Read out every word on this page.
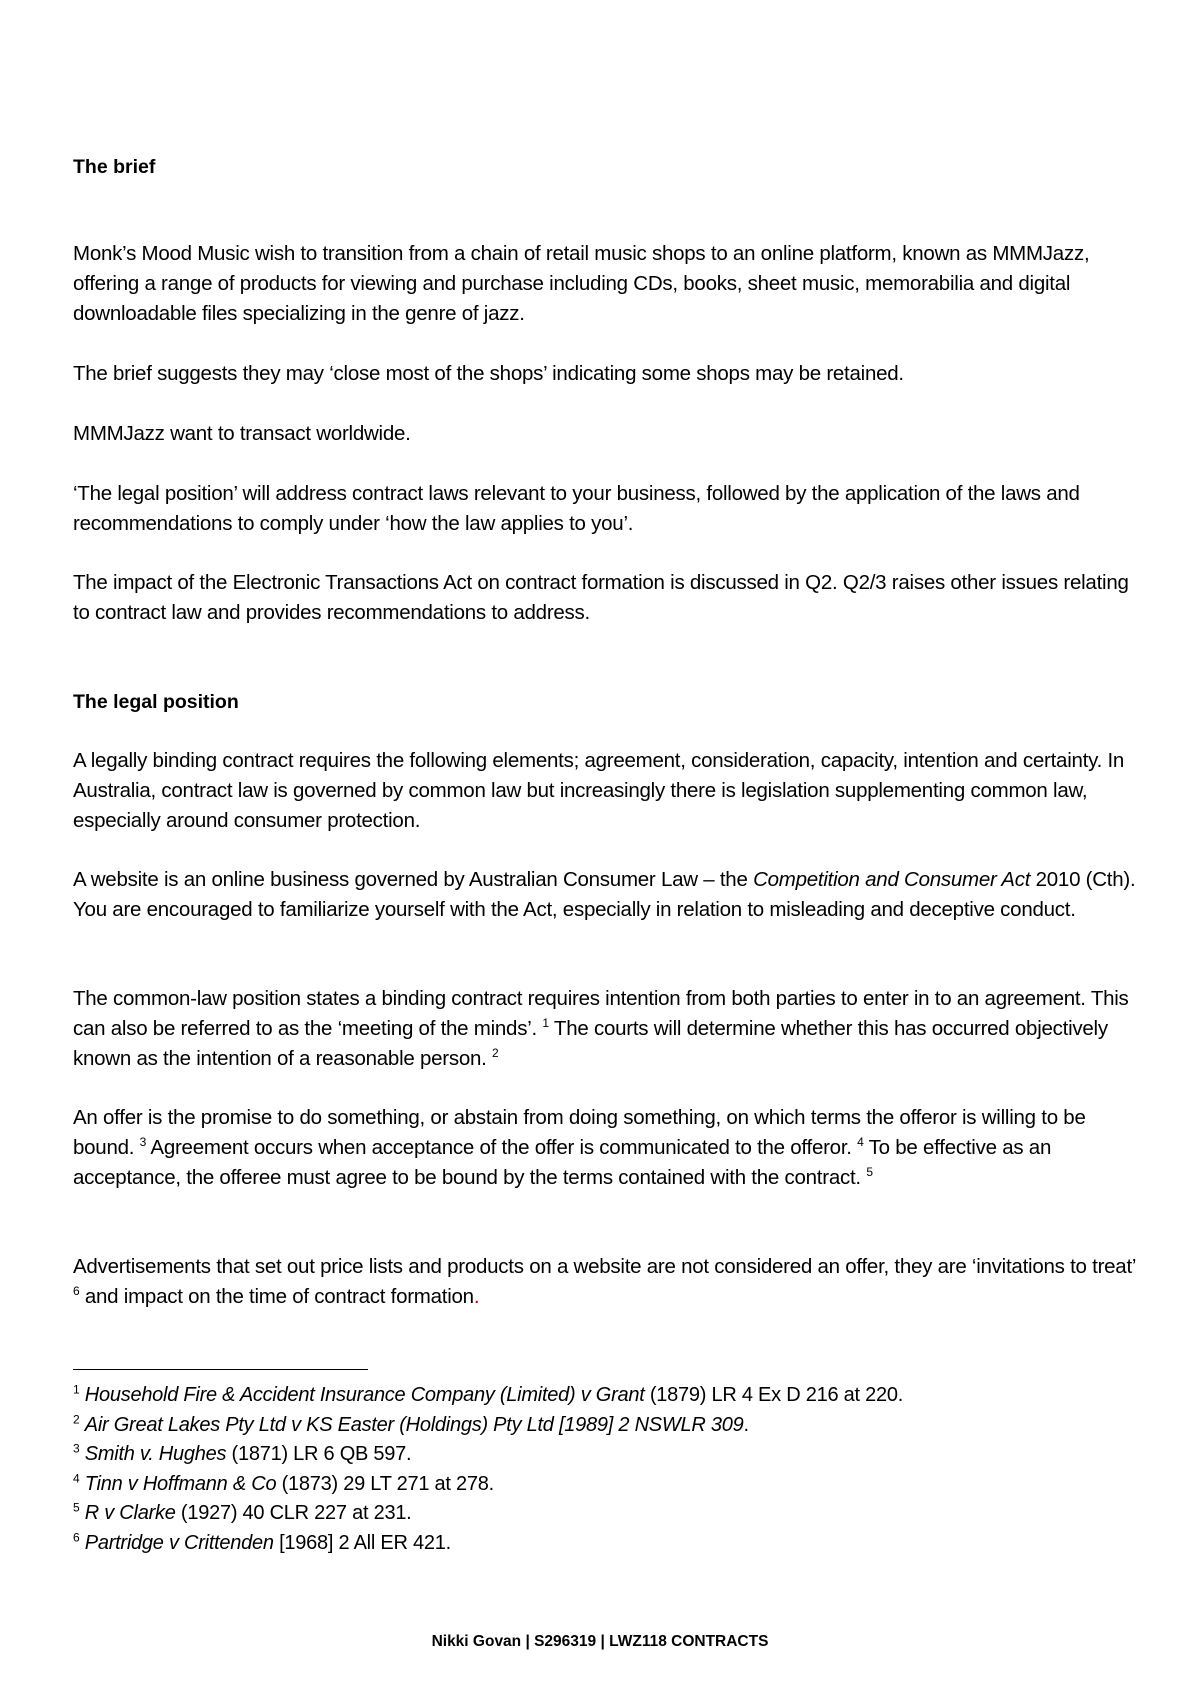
The brief

Monk’s Mood Music wish to transition from a chain of retail music shops to an online platform, known as MMMJazz, offering a range of products for viewing and purchase including CDs, books, sheet music, memorabilia and digital downloadable files specializing in the genre of jazz.

The brief suggests they may ‘close most of the shops’ indicating some shops may be retained.

MMMJazz want to transact worldwide.

‘The legal position’ will address contract laws relevant to your business, followed by the application of the laws and recommendations to comply under ‘how the law applies to you’.

The impact of the Electronic Transactions Act on contract formation is discussed in Q2. Q2/3 raises other issues relating to contract law and provides recommendations to address.

The legal position

A legally binding contract requires the following elements; agreement, consideration, capacity, intention and certainty. In Australia, contract law is governed by common law but increasingly there is legislation supplementing common law, especially around consumer protection.

A website is an online business governed by Australian Consumer Law – the Competition and Consumer Act 2010 (Cth). You are encouraged to familiarize yourself with the Act, especially in relation to misleading and deceptive conduct.

The common-law position states a binding contract requires intention from both parties to enter in to an agreement. This can also be referred to as the ‘meeting of the minds’. $^1$ The courts will determine whether this has occurred objectively known as the intention of a reasonable person. $^2$

An offer is the promise to do something, or abstain from doing something, on which terms the offeror is willing to be bound. $^3$ Agreement occurs when acceptance of the offer is communicated to the offeror. $^4$ To be effective as an acceptance, the offeree must agree to be bound by the terms contained with the contract. $^5$

Advertisements that set out price lists and products on a website are not considered an offer, they are ‘invitations to treat’ $^6$ and impact on the time of contract formation.

$^1$ Household Fire & Accident Insurance Company (Limited) v Grant (1879) LR 4 Ex D 216 at 220.
$^2$ Air Great Lakes Pty Ltd v KS Easter (Holdings) Pty Ltd [1989] 2 NSWLR 309.
$^3$ Smith v. Hughes (1871) LR 6 QB 597.
$^4$ Tinn v Hoffmann & Co (1873) 29 LT 271 at 278.
$^5$ R v Clarke (1927) 40 CLR 227 at 231.
$^6$ Partridge v Crittenden [1968] 2 All ER 421.
Nikki Govan | S296319 | LWZ118 CONTRACTS
